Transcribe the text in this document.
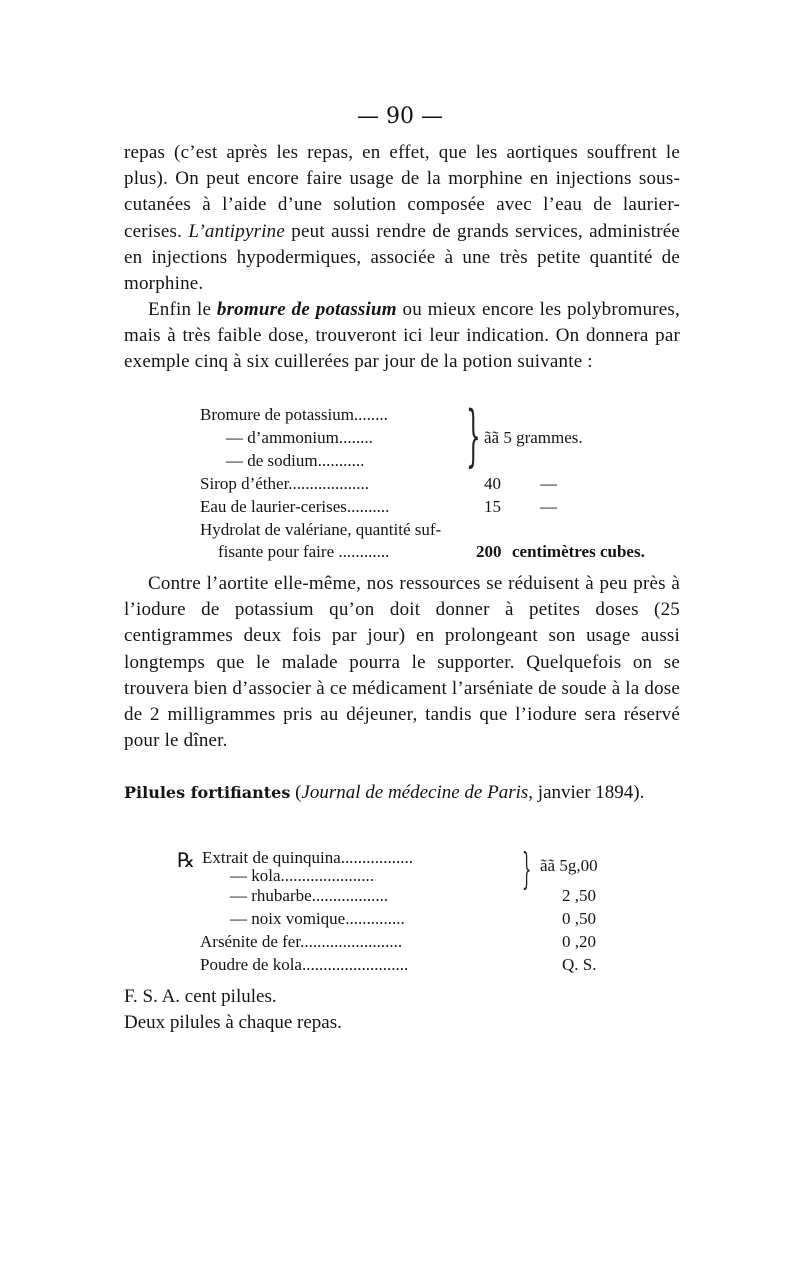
— 90 —

repas (c’est après les repas, en effet, que les aortiques souffrent le plus). On peut encore faire usage de la morphine en injections sous-cutanées à l’aide d’une solution composée avec l’eau de laurier-cerises. L’antipyrine peut aussi rendre de grands services, administrée en injections hypodermiques, associée à une très petite quantité de morphine.

Enfin le bromure de potassium ou mieux encore les polybromures, mais à très faible dose, trouveront ici leur indication. On donnera par exemple cinq à six cuillerées par jour de la potion suivante :

Bromure de potassium........
— d’ammonium........
— de sodium........... } ãã 5 grammes.
Sirop d’éther...................	40 —
Eau de laurier-cerises..........	15 —
Hydrolat de valériane, quantité suf-
fisante pour faire ............	200 centimètres cubes.

Contre l’aortite elle-même, nos ressources se réduisent à peu près à l’iodure de potassium qu’on doit donner à petites doses (25 centigrammes deux fois par jour) en prolongeant son usage aussi longtemps que le malade pourra le supporter. Quelquefois on se trouvera bien d’associer à ce médicament l’arséniate de soude à la dose de 2 milligrammes pris au déjeuner, tandis que l’iodure sera réservé pour le dîner.

Pilules fortifiantes (Journal de médecine de Paris, janvier 1894).
℞ Extrait de quinquina.................
— kola......................	} ãã 5g,00
— rhubarbe..................	2 ,50
— noix vomique..............	0 ,50
Arsénite de fer........................	0 ,20
Poudre de kola.........................	Q. S.
F. S. A. cent pilules.
Deux pilules à chaque repas.
